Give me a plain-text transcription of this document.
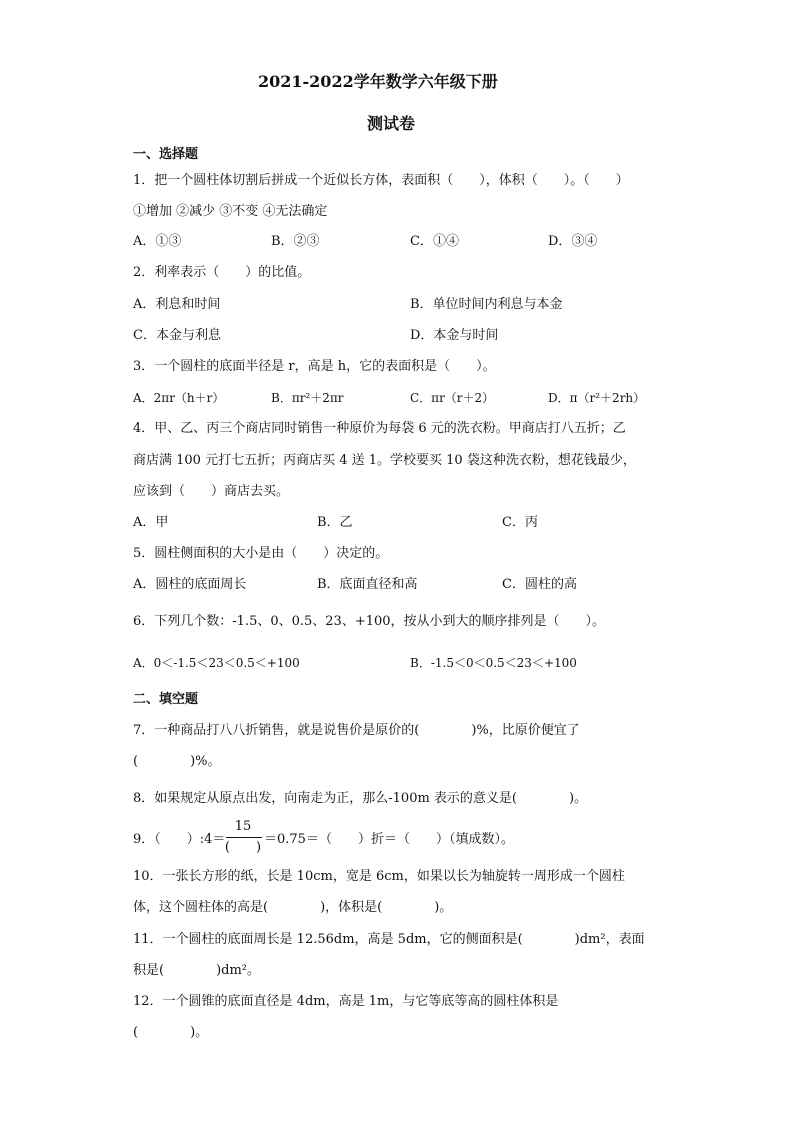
2021-2022学年数学六年级下册
测试卷
一、选择题
1．把一个圆柱体切割后拼成一个近似长方体，表面积（　　），体积（　　）。（　　）
①增加 ②减少 ③不变 ④无法确定
A．①③	B．②③	C．①④	D．③④
2．利率表示（　　）的比值。
A．利息和时间	B．单位时间内利息与本金
C．本金与利息	D．本金与时间
3．一个圆柱的底面半径是 r，高是 h，它的表面积是（　　）。
A．2πr（h＋r）	B．πr²＋2πr	C．πr（r＋2）	D．π（r²＋2rh）
4．甲、乙、丙三个商店同时销售一种原价为每袋 6 元的洗衣粉。甲商店打八五折；乙
商店满 100 元打七五折；丙商店买 4 送 1。学校要买 10 袋这种洗衣粉，想花钱最少，
应该到（　　）商店去买。
A．甲	B．乙	C．丙
5．圆柱侧面积的大小是由（　　）决定的。
A．圆柱的底面周长	B．底面直径和高	C．圆柱的高
6．下列几个数：-1.5、0、0.5、23、+100，按从小到大的顺序排列是（　　）。
A．0＜-1.5＜23＜0.5＜+100	B．-1.5＜0＜0.5＜23＜+100
二、填空题
7．一种商品打八八折销售，就是说售价是原价的(　　　　)%，比原价便宜了
(　　　　)%。
8．如果规定从原点出发，向南走为正，那么-100m 表示的意义是(　　　　)。
9．（　　）:4＝
15
(　　)
＝0.75＝（　　）折＝（　　）（填成数）。
10．一张长方形的纸，长是 10cm，宽是 6cm，如果以长为轴旋转一周形成一个圆柱
体，这个圆柱体的高是(　　　　)，体积是(　　　　)。
11．一个圆柱的底面周长是 12.56dm，高是 5dm，它的侧面积是(　　　　)dm²，表面
积是(　　　　)dm²。
12．一个圆锥的底面直径是 4dm，高是 1m，与它等底等高的圆柱体积是
(　　　　)。
